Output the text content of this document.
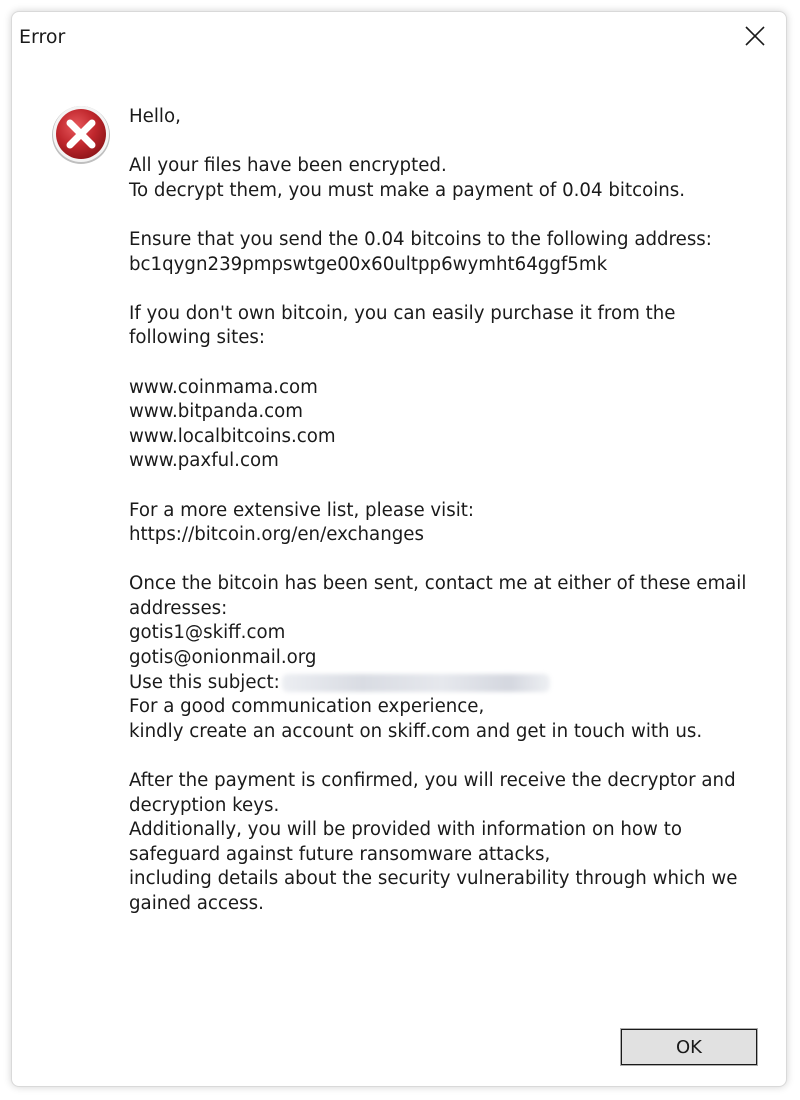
Error
Hello,
All your files have been encrypted.
To decrypt them, you must make a payment of 0.04 bitcoins.
Ensure that you send the 0.04 bitcoins to the following address:
bc1qygn239pmpswtge00x60ultpp6wymht64ggf5mk
If you don't own bitcoin, you can easily purchase it from the following sites:
www.coinmama.com
www.bitpanda.com
www.localbitcoins.com
www.paxful.com
For a more extensive list, please visit:
https://bitcoin.org/en/exchanges
Once the bitcoin has been sent, contact me at either of these email addresses:
gotis1@skiff.com
gotis@onionmail.org
Use this subject:
For a good communication experience,
kindly create an account on skiff.com and get in touch with us.
After the payment is confirmed, you will receive the decryptor and decryption keys.
Additionally, you will be provided with information on how to safeguard against future ransomware attacks,
including details about the security vulnerability through which we gained access.
OK
